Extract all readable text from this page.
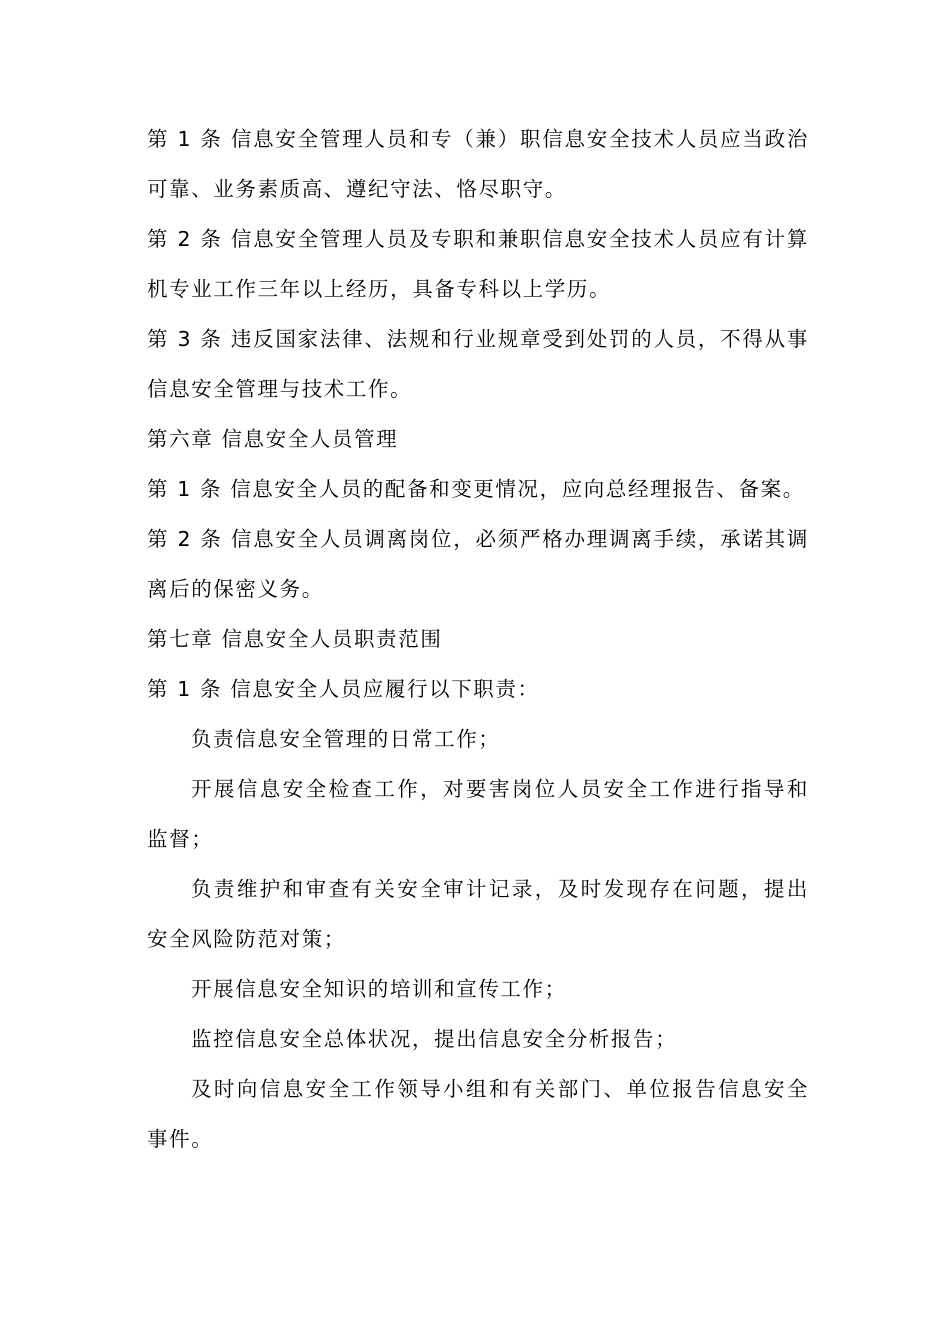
第 1 条 信息安全管理人员和专（兼）职信息安全技术人员应当政治可靠、业务素质高、遵纪守法、恪尽职守。

第 2 条 信息安全管理人员及专职和兼职信息安全技术人员应有计算机专业工作三年以上经历，具备专科以上学历。

第 3 条 违反国家法律、法规和行业规章受到处罚的人员，不得从事信息安全管理与技术工作。

第六章 信息安全人员管理

第 1 条 信息安全人员的配备和变更情况，应向总经理报告、备案。

第 2 条 信息安全人员调离岗位，必须严格办理调离手续，承诺其调离后的保密义务。

第七章 信息安全人员职责范围

第 1 条 信息安全人员应履行以下职责：

负责信息安全管理的日常工作；

开展信息安全检查工作，对要害岗位人员安全工作进行指导和监督；

负责维护和审查有关安全审计记录，及时发现存在问题，提出安全风险防范对策；

开展信息安全知识的培训和宣传工作；

监控信息安全总体状况，提出信息安全分析报告；

及时向信息安全工作领导小组和有关部门、单位报告信息安全事件。
